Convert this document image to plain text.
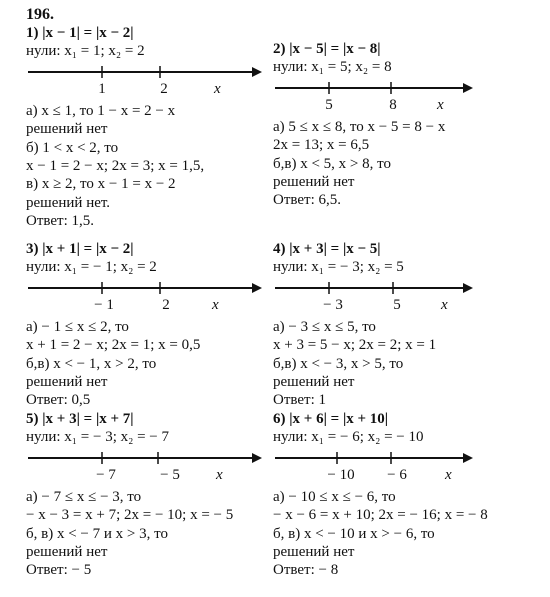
196.
1) |x − 1| = |x − 2|
нули: x₁ = 1; x₂ = 2
1	2	x
а) x ≤ 1, то 1 − x = 2 − x
решений нет
б) 1 < x < 2, то
x − 1 = 2 − x; 2x = 3; x = 1,5,
в) x ≥ 2, то x − 1 = x − 2
решений нет.
Ответ: 1,5.
2) |x − 5| = |x − 8|
нули: x₁ = 5; x₂ = 8
5	8	x
а) 5 ≤ x ≤ 8, то x − 5 = 8 − x
2x = 13; x = 6,5
б,в) x < 5, x > 8, то
решений нет
Ответ: 6,5.
3) |x + 1| = |x − 2|
нули: x₁ = − 1; x₂ = 2
− 1	2	x
а) − 1 ≤ x ≤ 2, то
x + 1 = 2 − x; 2x = 1; x = 0,5
б,в) x < − 1, x > 2, то
решений нет
Ответ: 0,5
4) |x + 3| = |x − 5|
нули: x₁ = − 3; x₂ = 5
− 3	5	x
а) − 3 ≤ x ≤ 5, то
x + 3 = 5 − x; 2x = 2; x = 1
б,в) x < − 3, x > 5, то
решений нет
Ответ: 1
5) |x + 3| = |x + 7|
нули: x₁ = − 3; x₂ = − 7
− 7	− 5 x
а) − 7 ≤ x ≤ − 3, то
− x − 3 = x + 7; 2x = − 10; x = − 5
б, в) x < − 7 и x > 3, то
решений нет
Ответ: − 5
6) |x + 6| = |x + 10|
нули: x₁ = − 6; x₂ = − 10
− 10 − 6	x
а) − 10 ≤ x ≤ − 6, то
− x − 6 = x + 10; 2x = − 16; x = − 8
б, в) x < − 10 и x > − 6, то
решений нет
Ответ: − 8
